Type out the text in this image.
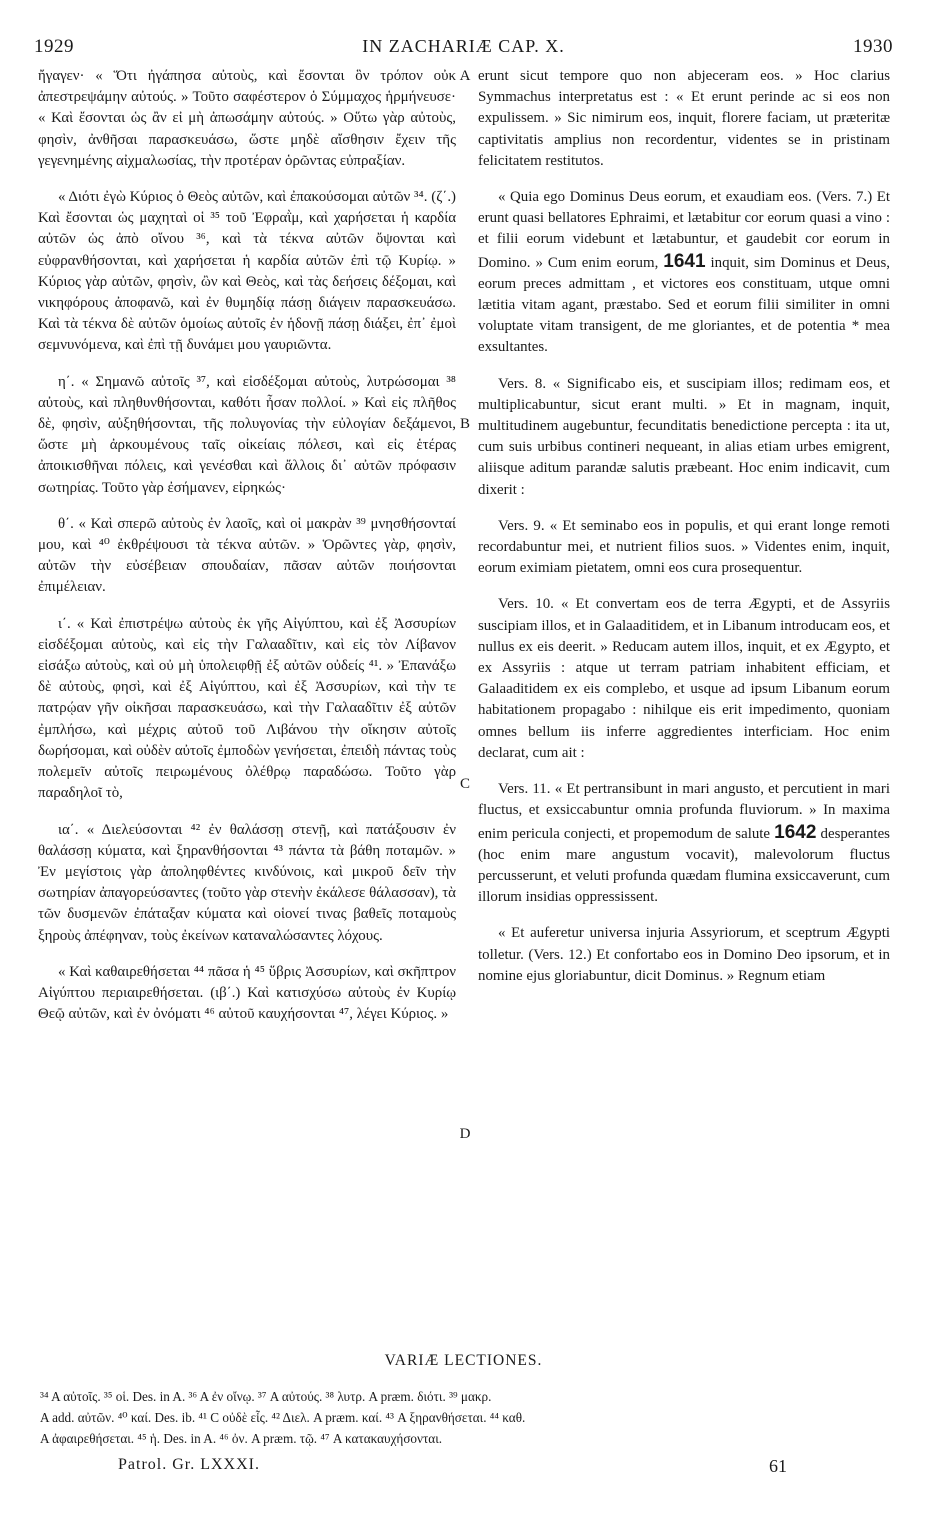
1929	IN ZACHARIÆ CAP. X.	1930

ἤγαγεν· « Ὅτι ἠγάπησα αὐτοὺς, καὶ ἔσονται ὃν τρόπον οὐκ ἀπεστρεψάμην αὐτούς. » Τοῦτο σαφέστερον ὁ Σύμμαχος ἡρμήνευσε· « Καὶ ἔσονται ὡς ἂν εἰ μὴ ἀπωσάμην αὐτούς. » Οὕτω γὰρ αὐτοὺς, φησὶν, ἀνθῆσαι παρασκευάσω, ὥστε μηδὲ αἴσθησιν ἔχειν τῆς γεγενημένης αἰχμαλωσίας, τὴν προτέραν ὁρῶντας εὐπραξίαν.

« Διότι ἐγὼ Κύριος ὁ Θεὸς αὐτῶν, καὶ ἐπακούσομαι αὐτῶν ³⁴. (ζ΄.) Καὶ ἔσονται ὡς μαχηταὶ οἱ ³⁵ τοῦ Ἐφραῒμ, καὶ χαρήσεται ἡ καρδία αὐτῶν ὡς ἀπὸ οἴνου ³⁶, καὶ τὰ τέκνα αὐτῶν ὄψονται καὶ εὐφρανθήσονται, καὶ χαρήσεται ἡ καρδία αὐτῶν ἐπὶ τῷ Κυρίῳ. » Κύριος γὰρ αὐτῶν, φησὶν, ὢν καὶ Θεὸς, καὶ τὰς δεήσεις δέξομαι, καὶ νικηφόρους ἀποφανῶ, καὶ ἐν θυμηδίᾳ πάσῃ διάγειν παρασκευάσω. Καὶ τὰ τέκνα δὲ αὐτῶν ὁμοίως αὐτοῖς ἐν ἡδονῇ πάσῃ διάξει, ἐπ᾽ ἐμοὶ σεμνυνόμενα, καὶ ἐπὶ τῇ δυνάμει μου γαυριῶντα.

η΄. « Σημανῶ αὐτοῖς ³⁷, καὶ εἰσδέξομαι αὐτοὺς, λυτρώσομαι ³⁸ αὐτοὺς, καὶ πληθυνθήσονται, καθότι ἦσαν πολλοί. » Καὶ εἰς πλῆθος δὲ, φησὶν, αὐξηθήσονται, τῆς πολυγονίας τὴν εὐλογίαν δεξάμενοι, ὥστε μὴ ἀρκουμένους ταῖς οἰκείαις πόλεσι, καὶ εἰς ἑτέρας ἀποικισθῆναι πόλεις, καὶ γενέσθαι καὶ ἄλλοις δι᾽ αὐτῶν πρόφασιν σωτηρίας. Τοῦτο γὰρ ἐσήμανεν, εἰρηκώς·

θ΄. « Καὶ σπερῶ αὐτοὺς ἐν λαοῖς, καὶ οἱ μακρὰν ³⁹ μνησθήσονταί μου, καὶ ⁴⁰ ἐκθρέψουσι τὰ τέκνα αὐτῶν. » Ὁρῶντες γὰρ, φησὶν, αὐτῶν τὴν εὐσέβειαν σπουδαίαν, πᾶσαν αὐτῶν ποιήσονται ἐπιμέλειαν.

ι΄. « Καὶ ἐπιστρέψω αὐτοὺς ἐκ γῆς Αἰγύπτου, καὶ ἐξ Ἀσσυρίων εἰσδέξομαι αὐτοὺς, καὶ εἰς τὴν Γαλααδῖτιν, καὶ εἰς τὸν Λίβανον εἰσάξω αὐτοὺς, καὶ οὐ μὴ ὑπολειφθῇ ἐξ αὐτῶν οὐδείς ⁴¹. » Ἐπανάξω δὲ αὐτοὺς, φησὶ, καὶ ἐξ Αἰγύπτου, καὶ ἐξ Ἀσσυρίων, καὶ τὴν τε πατρῴαν γῆν οἰκῆσαι παρασκευάσω, καὶ τὴν Γαλααδῖτιν ἐξ αὐτῶν ἐμπλήσω, καὶ μέχρις αὐτοῦ τοῦ Λιβάνου τὴν οἴκησιν αὐτοῖς δωρήσομαι, καὶ οὐδὲν αὐτοῖς ἐμποδὼν γενήσεται, ἐπειδὴ πάντας τοὺς πολεμεῖν αὐτοῖς πειρωμένους ὀλέθρῳ παραδώσω. Τοῦτο γὰρ παραδηλοῖ τὸ,

ια΄. « Διελεύσονται ⁴² ἐν θαλάσσῃ στενῇ, καὶ πατάξουσιν ἐν θαλάσσῃ κύματα, καὶ ξηρανθήσονται ⁴³ πάντα τὰ βάθη ποταμῶν. » Ἐν μεγίστοις γὰρ ἀποληφθέντες κινδύνοις, καὶ μικροῦ δεῖν τὴν σωτηρίαν ἀπαγορεύσαντες (τοῦτο γὰρ στενὴν ἐκάλεσε θάλασσαν), τὰ τῶν δυσμενῶν ἐπάταξαν κύματα καὶ οἱονεί τινας βαθεῖς ποταμοὺς ξηροὺς ἀπέφηναν, τοὺς ἐκείνων καταναλώσαντες λόχους.

« Καὶ καθαιρεθήσεται ⁴⁴ πᾶσα ἡ ⁴⁵ ὕβρις Ἀσσυρίων, καὶ σκῆπτρον Αἰγύπτου περιαιρεθήσεται. (ιβ΄.) Καὶ κατισχύσω αὐτοὺς ἐν Κυρίῳ Θεῷ αὐτῶν, καὶ ἐν ὀνόματι ⁴⁶ αὐτοῦ καυχήσονται ⁴⁷, λέγει Κύριος. »

erunt sicut tempore quo non abjeceram eos. » Hoc clarius Symmachus interpretatus est : « Et erunt perinde ac si eos non expulissem. » Sic nimirum eos, inquit, florere faciam, ut præteritæ captivitatis amplius non recordentur, videntes se in pristinam felicitatem restitutos.

« Quia ego Dominus Deus eorum, et exaudiam eos. (Vers. 7.) Et erunt quasi bellatores Ephraimi, et lætabitur cor eorum quasi a vino : et filii eorum videbunt et lætabuntur, et gaudebit cor eorum in Domino. » Cum enim eorum, 1641 inquit, sim Dominus et Deus, eorum preces admittam , et victores eos constituam, utque omni lætitia vitam agant, præstabo. Sed et eorum filii similiter in omni voluptate vitam transigent, de me gloriantes, et de potentia * mea exsultantes.

Vers. 8. « Significabo eis, et suscipiam illos; redimam eos, et multiplicabuntur, sicut erant multi. » Et in magnam, inquit, multitudinem augebuntur, fecunditatis benedictione percepta : ita ut, cum suis urbibus contineri nequeant, in alias etiam urbes emigrent, aliisque aditum parandæ salutis præbeant. Hoc enim indicavit, cum dixerit :

Vers. 9. « Et seminabo eos in populis, et qui erant longe remoti recordabuntur mei, et nutrient filios suos. » Videntes enim, inquit, eorum eximiam pietatem, omni eos cura prosequentur.

Vers. 10. « Et convertam eos de terra Ægypti, et de Assyriis suscipiam illos, et in Galaaditidem, et in Libanum introducam eos, et nullus ex eis deerit. » Reducam autem illos, inquit, et ex Ægypto, et ex Assyriis : atque ut terram patriam inhabitent efficiam, et Galaaditidem ex eis complebo, et usque ad ipsum Libanum eorum habitationem propagabo : nihilque eis erit impedimento, quoniam omnes bellum iis inferre aggredientes interficiam. Hoc enim declarat, cum ait :

Vers. 11. « Et pertransibunt in mari angusto, et percutient in mari fluctus, et exsiccabuntur omnia profunda fluviorum. » In maxima enim pericula conjecti, et propemodum de salute 1642 desperantes (hoc enim mare angustum vocavit), malevolorum fluctus percusserunt, et veluti profunda quædam flumina exsiccaverunt, cum illorum insidias oppressissent.

« Et auferetur universa injuria Assyriorum, et sceptrum Ægypti tolletur. (Vers. 12.) Et confortabo eos in Domino Deo ipsorum, et in nomine ejus gloriabuntur, dicit Dominus. » Regnum etiam

A
B
C
D
VARIÆ LECTIONES.
³⁴ A αὐτοῖς. ³⁵ οἱ. Des. in A. ³⁶ A ἐν οἴνῳ. ³⁷ A αὐτούς. ³⁸ λυτρ. A præm. διότι. ³⁹ μακρ.
A add. αὐτῶν. ⁴⁰ καί. Des. ib. ⁴¹ C οὐδὲ εἷς. ⁴² Διελ. A præm. καί. ⁴³ A ξηρανθήσεται. ⁴⁴ καθ.
A ἀφαιρεθήσεται. ⁴⁵ ἡ. Des. in A. ⁴⁶ ὀν. A præm. τῷ. ⁴⁷ A κατακαυχήσονται.
Patrol. Gr. LXXXI.	61
